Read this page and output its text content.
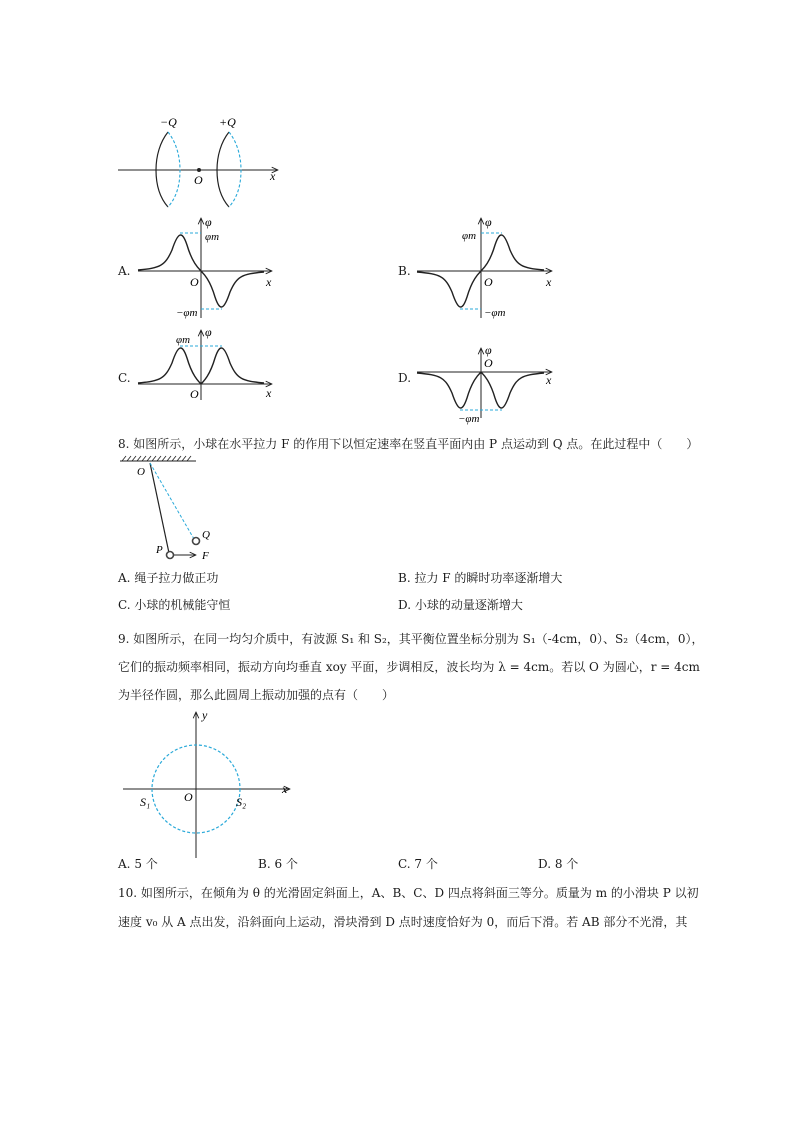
−Q	+Q
O	x
A.
φ
φm
O	x
−φm
B.
φ
φm
O	x
−φm
C.
φ
φm
O	x
D.
φ
O
x
−φm
8. 如图所示，小球在水平拉力 F 的作用下以恒定速率在竖直平面内由 P 点运动到 Q 点。在此过程中（　　）
O
P
Q
F
A. 绳子拉力做正功	B. 拉力 F 的瞬时功率逐渐增大
C. 小球的机械能守恒	D. 小球的动量逐渐增大
9. 如图所示，在同一均匀介质中，有波源 S₁ 和 S₂，其平衡位置坐标分别为 S₁（-4cm，0）、S₂（4cm，0），
它们的振动频率相同，振动方向均垂直 xoy 平面，步调相反，波长均为 λ = 4cm。若以 O 为圆心，r = 4cm
为半径作圆，那么此圆周上振动加强的点有（　　）
y
x
O
S₁	S₂
A. 5 个	B. 6 个	C. 7 个	D. 8 个
10. 如图所示，在倾角为 θ 的光滑固定斜面上，A、B、C、D 四点将斜面三等分。质量为 m 的小滑块 P 以初
速度 v₀ 从 A 点出发，沿斜面向上运动，滑块滑到 D 点时速度恰好为 0，而后下滑。若 AB 部分不光滑，其
